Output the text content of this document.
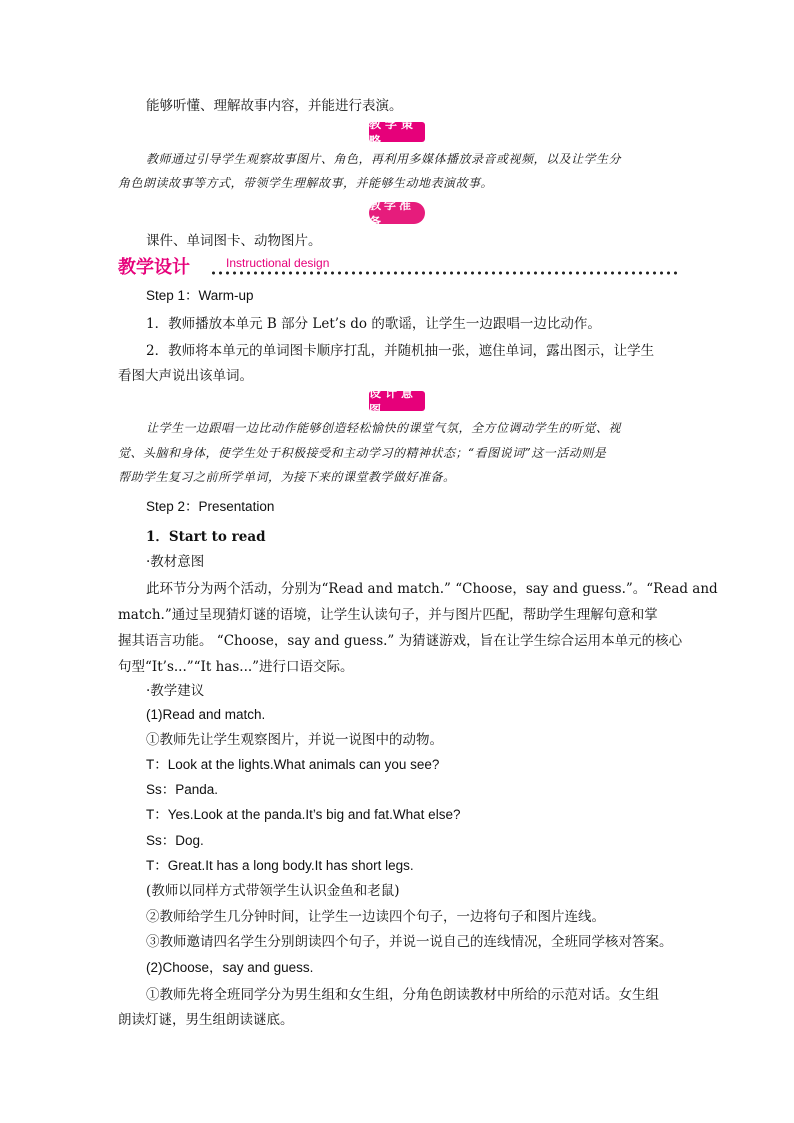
能够听懂、理解故事内容，并能进行表演。
教学策略
教师通过引导学生观察故事图片、角色，再利用多媒体播放录音或视频，以及让学生分
角色朗读故事等方式，带领学生理解故事，并能够生动地表演故事。
教学准备
课件、单词图卡、动物图片。
教学设计	Instructional design
Step 1：Warm-up
1．教师播放本单元 B 部分 Let’s do 的歌谣，让学生一边跟唱一边比动作。
2．教师将本单元的单词图卡顺序打乱，并随机抽一张，遮住单词，露出图示，让学生
看图大声说出该单词。
设计意图
让学生一边跟唱一边比动作能够创造轻松愉快的课堂气氛，全方位调动学生的听觉、视
觉、头脑和身体，使学生处于积极接受和主动学习的精神状态；“看图说词”这一活动则是
帮助学生复习之前所学单词，为接下来的课堂教学做好准备。
Step 2：Presentation
1．Start to read
·教材意图
此环节分为两个活动，分别为“Read and match.” “Choose，say and guess.”。“Read and
match.”通过呈现猜灯谜的语境，让学生认读句子，并与图片匹配，帮助学生理解句意和掌
握其语言功能。 “Choose，say and guess.” 为猜谜游戏，旨在让学生综合运用本单元的核心
句型“It’s...”“It has...”进行口语交际。
·教学建议
(1)Read and match.
①教师先让学生观察图片，并说一说图中的动物。
T：Look at the lights.What animals can you see?
Ss：Panda.
T：Yes.Look at the panda.It’s big and fat.What else?
Ss：Dog.
T：Great.It has a long body.It has short legs.
(教师以同样方式带领学生认识金鱼和老鼠)
②教师给学生几分钟时间，让学生一边读四个句子，一边将句子和图片连线。
③教师邀请四名学生分别朗读四个句子，并说一说自己的连线情况，全班同学核对答案。
(2)Choose，say and guess.
①教师先将全班同学分为男生组和女生组，分角色朗读教材中所给的示范对话。女生组
朗读灯谜，男生组朗读谜底。
